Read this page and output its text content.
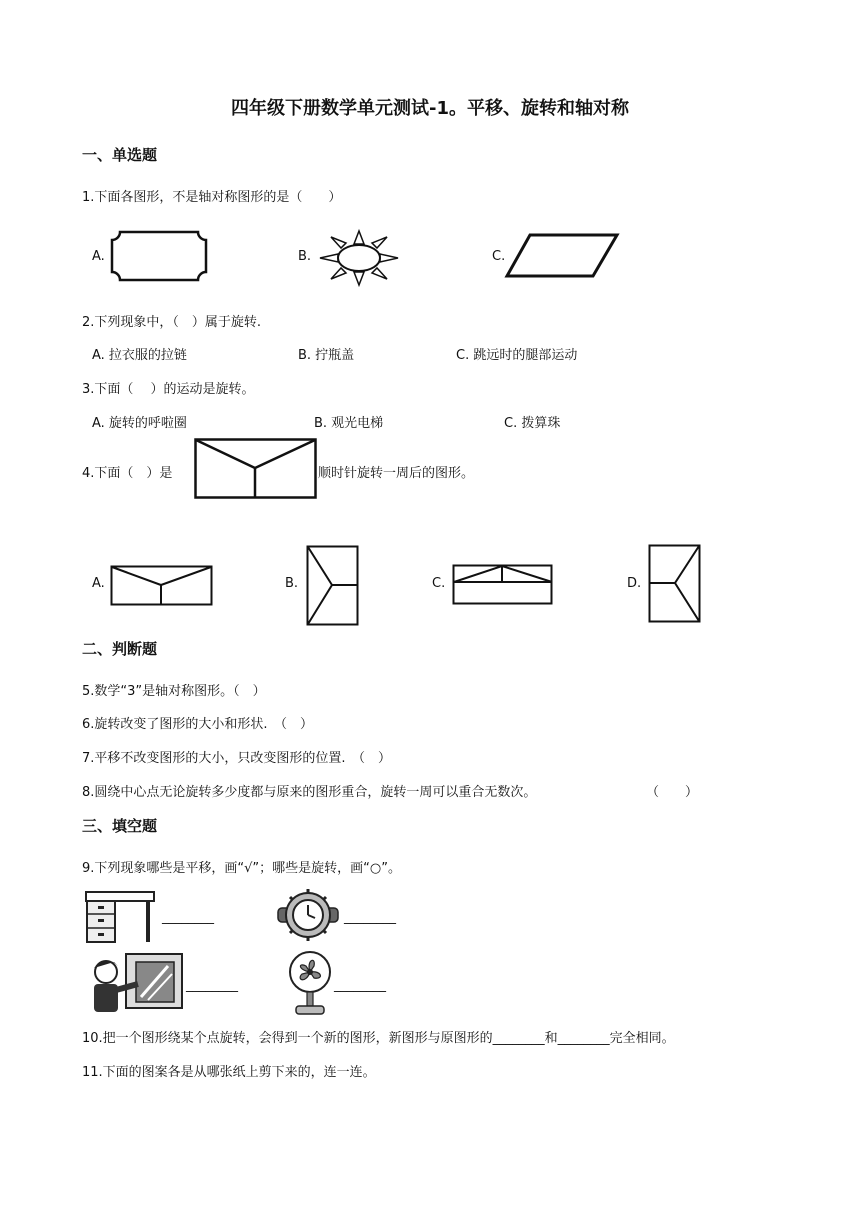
四年级下册数学单元测试-1。平移、旋转和轴对称
一、单选题
1.下面各图形，不是轴对称图形的是（　　）
A.	B.	C.
2.下列现象中，（　）属于旋转.
A. 拉衣服的拉链	B. 拧瓶盖	C. 跳远时的腿部运动
3.下面（　 ）的运动是旋转。
A. 旋转的呼啦圈	B. 观光电梯	C. 拨算珠
4.下面（　）是	顺时针旋转一周后的图形。
A.	B.	C.	D.
二、判断题
5.数学“3”是轴对称图形。（　）
6.旋转改变了图形的大小和形状.　（　）
7.平移不改变图形的大小，只改变图形的位置.　（　）
8.圆绕中心点无论旋转多少度都与原来的图形重合，旋转一周可以重合无数次。	（　　）
三、填空题
9.下列现象哪些是平移，画“√”；哪些是旋转，画“○”。
________	________
________	________
10.把一个图形绕某个点旋转，会得到一个新的图形，新图形与原图形的________和________完全相同。
11.下面的图案各是从哪张纸上剪下来的，连一连。
